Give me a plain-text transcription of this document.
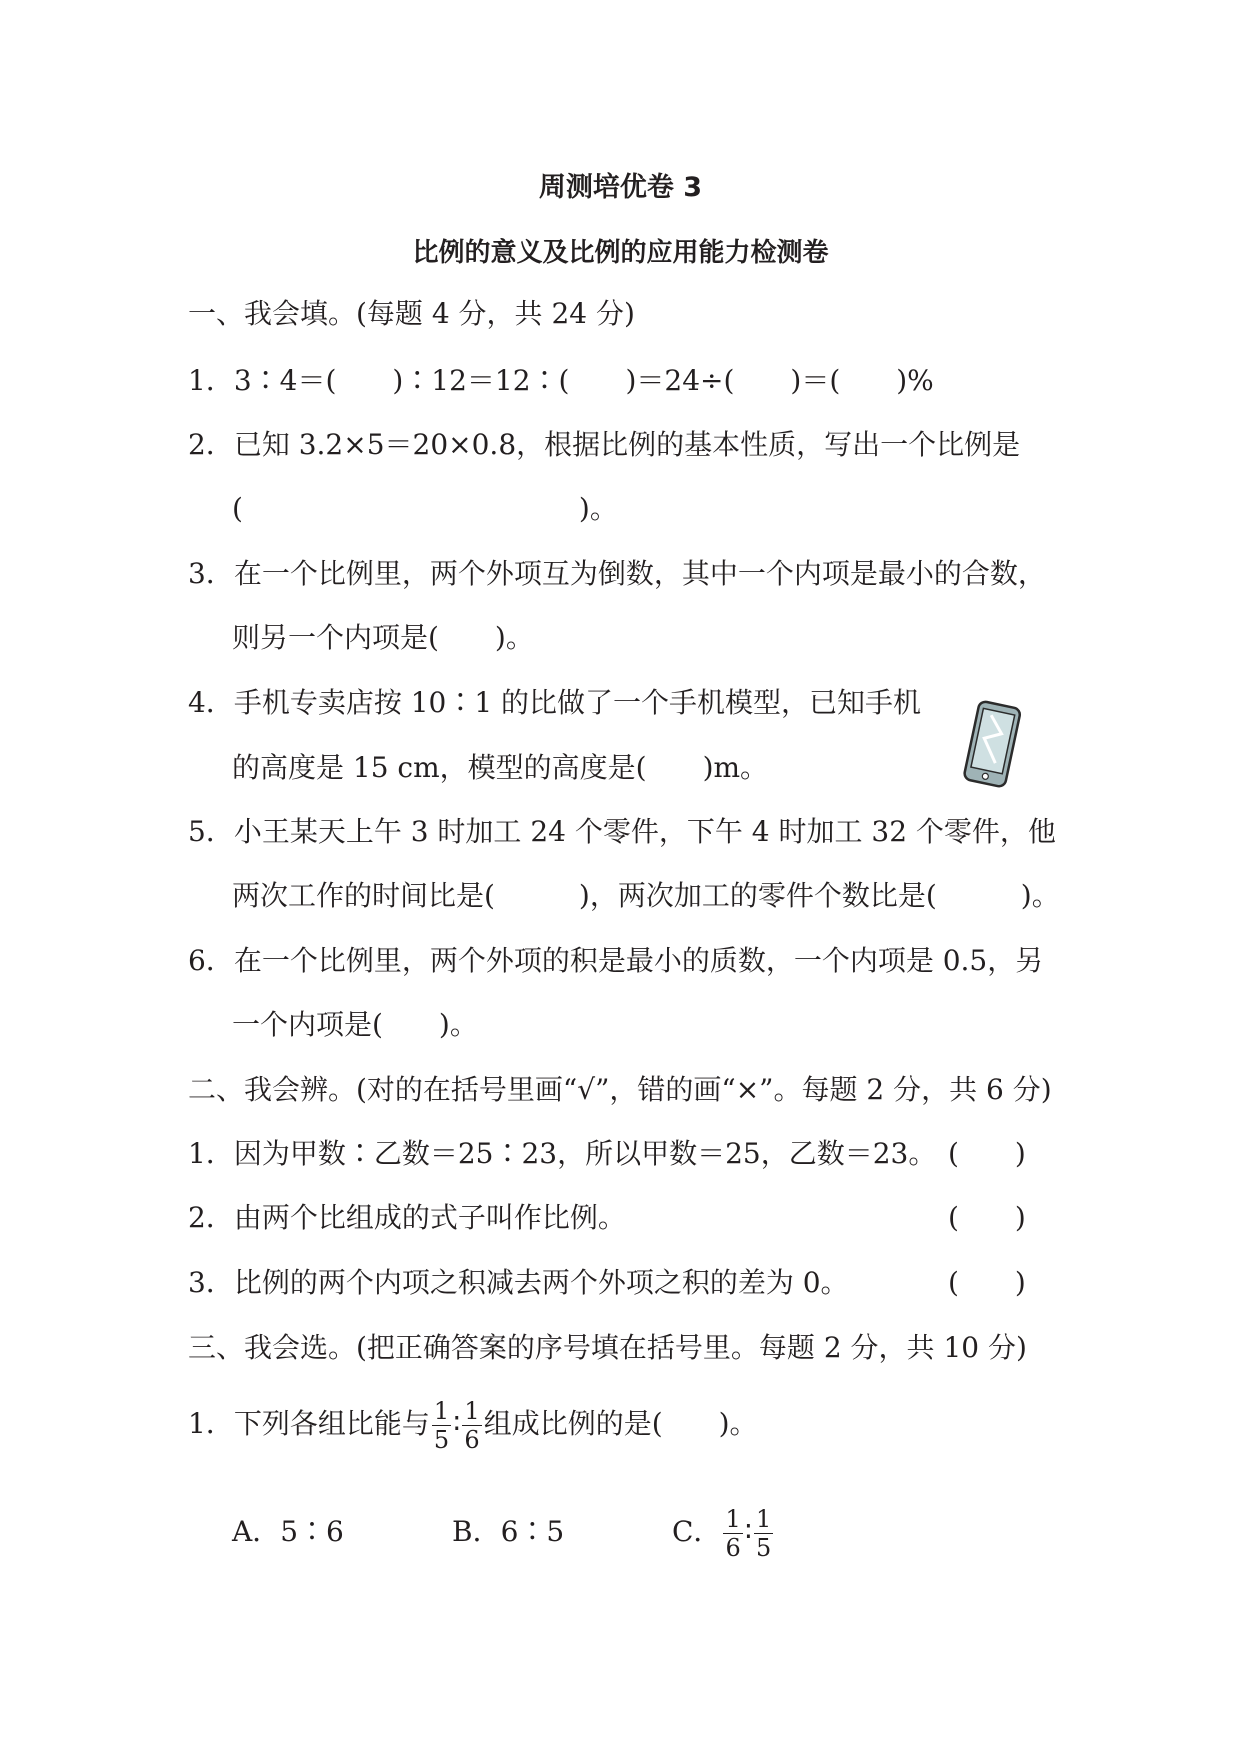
周测培优卷 3
比例的意义及比例的应用能力检测卷
一、我会填。(每题 4 分，共 24 分)
1．3∶4＝(　　)∶12＝12∶(　　)＝24÷(　　)＝(　　)%
2．已知 3.2×5＝20×0.8，根据比例的基本性质，写出一个比例是
(　　　　　　　　　　　　)。
3．在一个比例里，两个外项互为倒数，其中一个内项是最小的合数，
则另一个内项是(　　)。
4．手机专卖店按 10∶1 的比做了一个手机模型，已知手机
的高度是 15 cm，模型的高度是(　　)m。
5．小王某天上午 3 时加工 24 个零件，下午 4 时加工 32 个零件，他
两次工作的时间比是(　　　)，两次加工的零件个数比是(　　　)。
6．在一个比例里，两个外项的积是最小的质数，一个内项是 0.5，另
一个内项是(　　)。
二、我会辨。(对的在括号里画“√”，错的画“×”。每题 2 分，共 6 分)
1．因为甲数∶乙数＝25∶23，所以甲数＝25，乙数＝23。 (　　)
2．由两个比组成的式子叫作比例。	(　　)
3．比例的两个内项之积减去两个外项之积的差为 0。	(　　)
三、我会选。(把正确答案的序号填在括号里。每题 2 分，共 10 分)
1．下列各组比能与 $\frac{1}{5}$ ∶ $\frac{1}{6}$ 组成比例的是(　　)。
A．5∶6	B．6∶5	C． $\frac{1}{6}$ ∶ $\frac{1}{5}$
